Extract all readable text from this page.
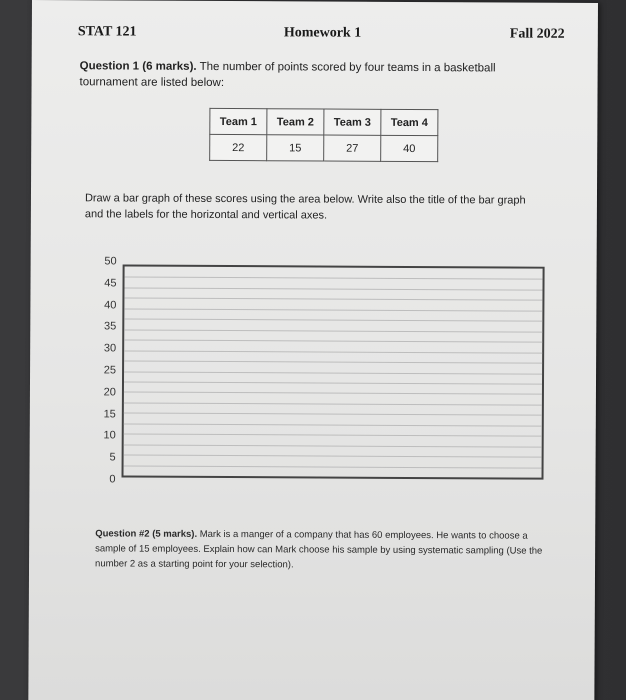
STAT 121	Homework 1	Fall 2022
Question 1 (6 marks). The number of points scored by four teams in a basketball tournament are listed below:
Team 1	Team 2	Team 3	Team 4
22	15	27	40
Draw a bar graph of these scores using the area below. Write also the title of the bar graph and the labels for the horizontal and vertical axes.
50
45
40
35
30
25
20
15
10
5
0
Question #2 (5 marks). Mark is a manger of a company that has 60 employees. He wants to choose a sample of 15 employees. Explain how can Mark choose his sample by using systematic sampling (Use the number 2 as a starting point for your selection).
